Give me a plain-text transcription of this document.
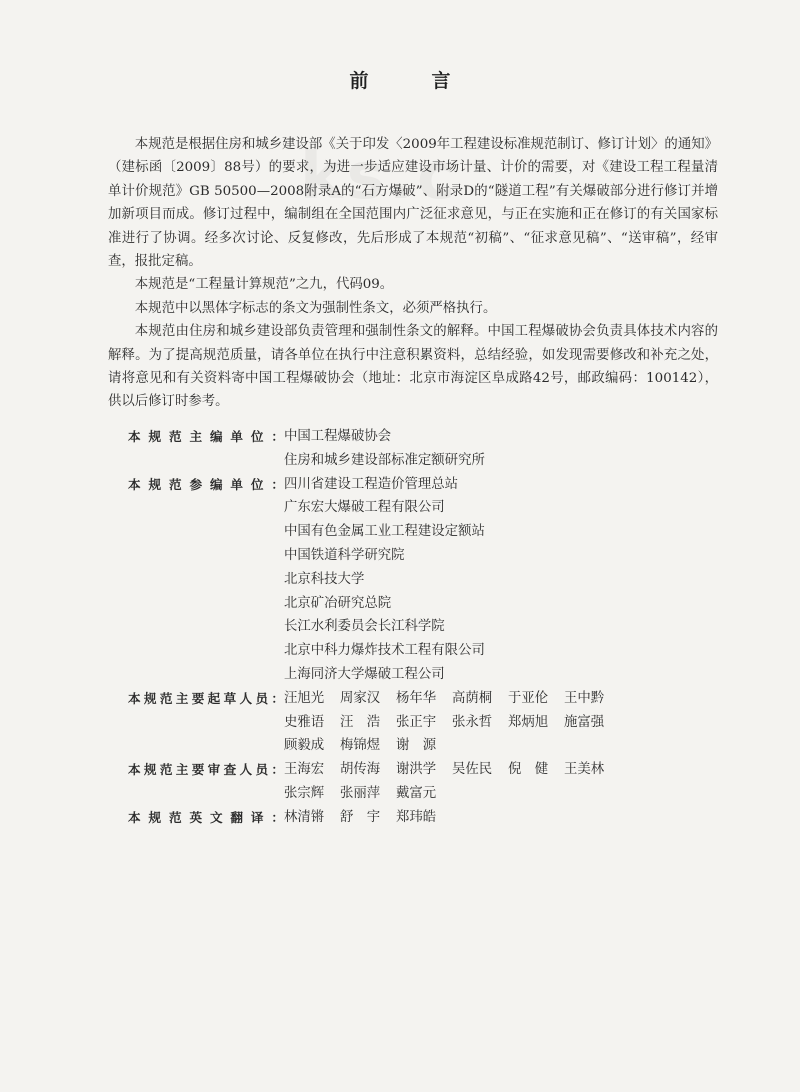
ks.c
前　言

本规范是根据住房和城乡建设部《关于印发〈2009年工程建设标准规范制订、修订计划〉的通知》（建标函〔2009〕88号）的要求，为进一步适应建设市场计量、计价的需要，对《建设工程工程量清单计价规范》GB 50500—2008附录A的“石方爆破”、附录D的“隧道工程”有关爆破部分进行修订并增加新项目而成。修订过程中，编制组在全国范围内广泛征求意见，与正在实施和正在修订的有关国家标准进行了协调。经多次讨论、反复修改，先后形成了本规范“初稿”、“征求意见稿”、“送审稿”，经审查，报批定稿。

本规范是“工程量计算规范”之九，代码09。

本规范中以黑体字标志的条文为强制性条文，必须严格执行。

本规范由住房和城乡建设部负责管理和强制性条文的解释。中国工程爆破协会负责具体技术内容的解释。为了提高规范质量，请各单位在执行中注意积累资料，总结经验，如发现需要修改和补充之处，请将意见和有关资料寄中国工程爆破协会（地址：北京市海淀区阜成路42号，邮政编码：100142），供以后修订时参考。

本规范主编单位： 中国工程爆破协会
住房和城乡建设部标准定额研究所
本规范参编单位： 四川省建设工程造价管理总站
广东宏大爆破工程有限公司
中国有色金属工业工程建设定额站
中国铁道科学研究院
北京科技大学
北京矿冶研究总院
长江水利委员会长江科学院
北京中科力爆炸技术工程有限公司
上海同济大学爆破工程公司
本规范主要起草人员： 汪旭光	周家汉	杨年华	高荫桐	于亚伦	王中黔
史雅语	汪　浩	张正宇	张永哲	郑炳旭	施富强
顾毅成	梅锦煜	谢　源
本规范主要审查人员： 王海宏	胡传海	谢洪学	吴佐民	倪　健	王美林
张宗辉	张丽萍	戴富元
本规范英文翻译： 林清锵	舒　宇	郑玮皓
